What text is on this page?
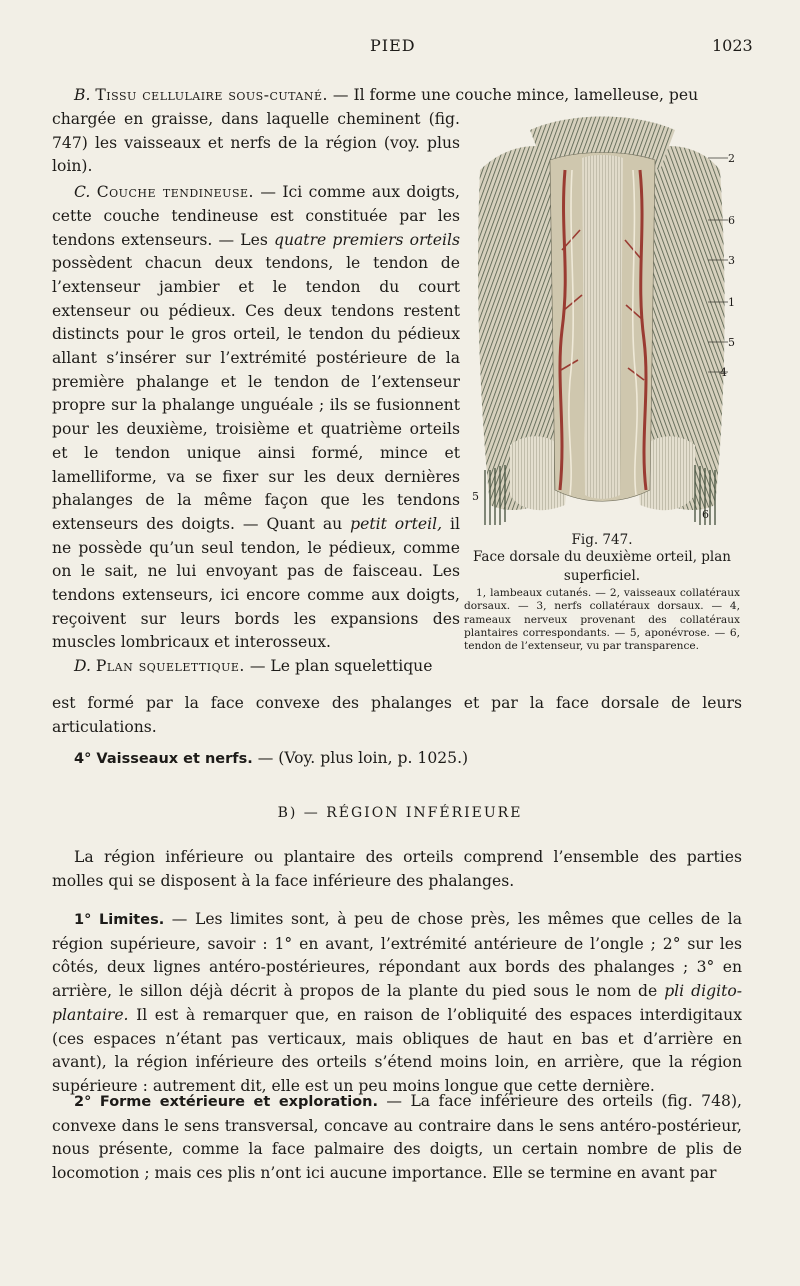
PIED	1023
B. Tissu cellulaire sous-cutané. — Il forme une couche mince, lamelleuse, peu

chargée en graisse, dans laquelle cheminent (fig. 747) les vaisseaux et nerfs de la région (voy. plus loin).

C. Couche tendineuse. — Ici comme aux doigts, cette couche tendineuse est constituée par les tendons extenseurs. — Les quatre premiers orteils possèdent chacun deux tendons, le tendon de l’extenseur jambier et le tendon du court extenseur ou pédieux. Ces deux tendons restent distincts pour le gros orteil, le tendon du pédieux allant s’insérer sur l’extrémité postérieure de la première phalange et le tendon de l’extenseur propre sur la phalange unguéale ; ils se fusionnent pour les deuxième, troisième et quatrième orteils et le tendon unique ainsi formé, mince et lamelliforme, va se fixer sur les deux dernières phalanges de la même façon que les tendons extenseurs des doigts. — Quant au petit orteil, il ne possède qu’un seul tendon, le pédieux, comme on le sait, ne lui envoyant pas de faisceau. Les tendons extenseurs, ici encore comme aux doigts, reçoivent sur leurs bords les expansions des muscles lombricaux et interosseux.

D. Plan squelettique. — Le plan squelettique

2
6
3
1
5
4
5
6
Fig. 747.
Face dorsale du deuxième orteil, plan superficiel.
1, lambeaux cutanés. — 2, vaisseaux collatéraux dorsaux. — 3, nerfs collatéraux dorsaux. — 4, rameaux nerveux provenant des collatéraux plantaires correspondants. — 5, aponévrose. — 6, tendon de l’extenseur, vu par transparence.
est formé par la face convexe des phalanges et par la face dorsale de leurs articulations.
4° Vaisseaux et nerfs. — (Voy. plus loin, p. 1025.)
B) — RÉGION INFÉRIEURE
La région inférieure ou plantaire des orteils comprend l’ensemble des parties molles qui se disposent à la face inférieure des phalanges.
1° Limites. — Les limites sont, à peu de chose près, les mêmes que celles de la région supérieure, savoir : 1° en avant, l’extrémité antérieure de l’ongle ; 2° sur les côtés, deux lignes antéro-postérieures, répondant aux bords des phalanges ; 3° en arrière, le sillon déjà décrit à propos de la plante du pied sous le nom de pli digito-plantaire. Il est à remarquer que, en raison de l’obliquité des espaces interdigitaux (ces espaces n’étant pas verticaux, mais obliques de haut en bas et d’arrière en avant), la région inférieure des orteils s’étend moins loin, en arrière, que la région supérieure : autrement dit, elle est un peu moins longue que cette dernière.
2° Forme extérieure et exploration. — La face inférieure des orteils (fig. 748), convexe dans le sens transversal, concave au contraire dans le sens antéro-postérieur, nous présente, comme la face palmaire des doigts, un certain nombre de plis de locomotion ; mais ces plis n’ont ici aucune importance. Elle se termine en avant par
